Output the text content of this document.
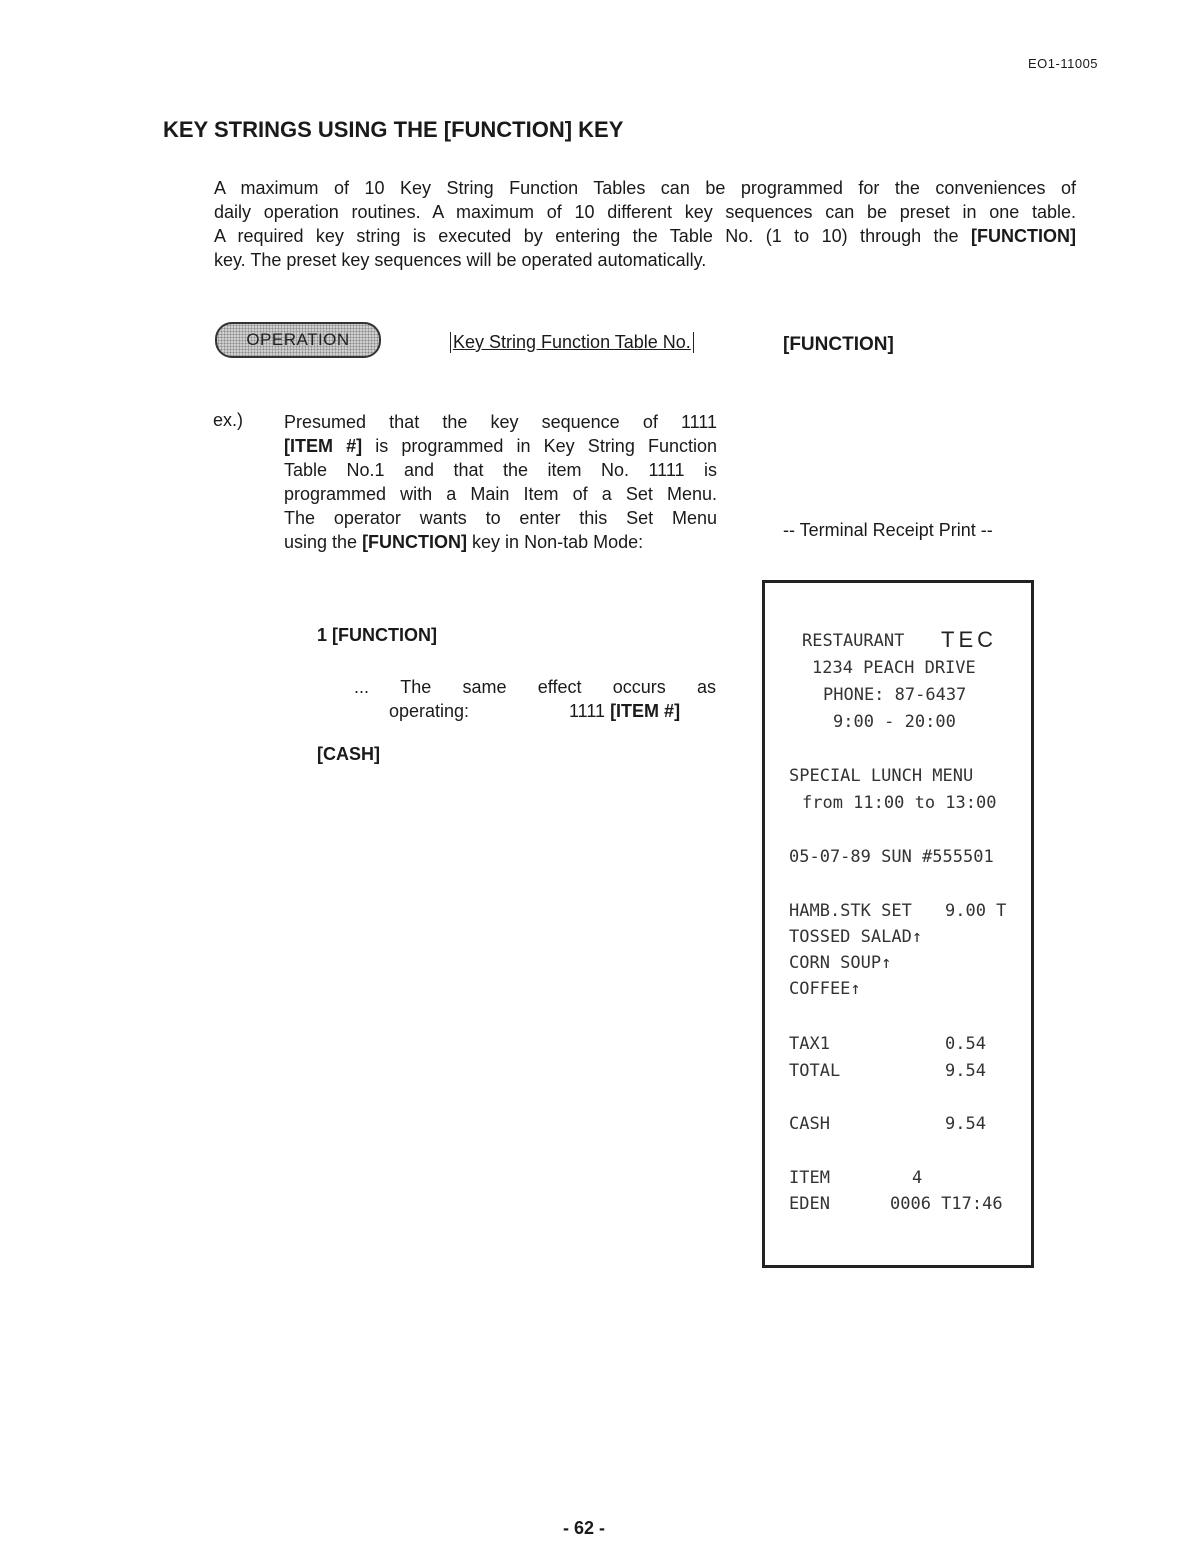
EO1-11005
KEY STRINGS USING THE [FUNCTION] KEY

A maximum of 10 Key String Function Tables can be programmed for the conveniences of

daily operation routines. A maximum of 10 different key sequences can be preset in one table.

A required key string is executed by entering the Table No. (1 to 10) through the [FUNCTION]

key. The preset key sequences will be operated automatically.

OPERATION	Key String Function Table No.	[FUNCTION]
ex.) Presumed that the key sequence of 1111

[ITEM #] is programmed in Key String Function

Table No.1 and that the item No. 1111 is

programmed with a Main Item of a Set Menu.

The operator wants to enter this Set Menu

using the [FUNCTION] key in Non-tab Mode:

-- Terminal Receipt Print --
1 [FUNCTION]
... The same effect occurs as
operating:	1111
[ITEM #]
[CASH]
RESTAURANT TEC
1234 PEACH DRIVE
PHONE: 87-6437
9:00 - 20:00
SPECIAL LUNCH MENU
from 11:00 to 13:00
05-07-89 SUN #555501
HAMB.STK SET 9.00 T
TOSSED SALAD↑
CORN SOUP↑
COFFEE↑
TAX1	0.54
TOTAL	9.54
CASH	9.54
ITEM	4
EDEN	0006 T17:46
- 62 -
